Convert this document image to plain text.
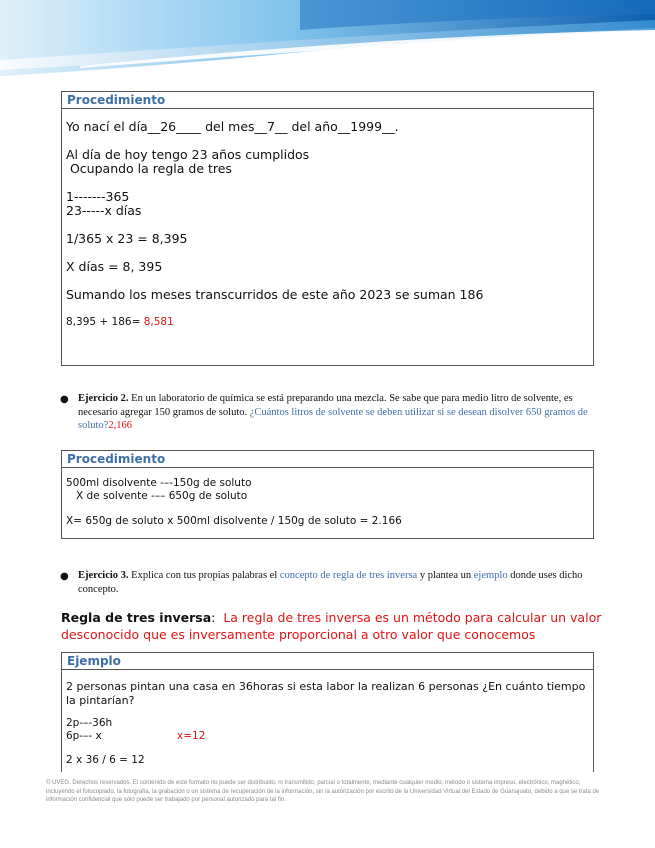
Procedimiento
Yo nací el día__26____ del mes__7__ del año__1999__.
Al día de hoy tengo 23 años cumplidos
Ocupando la regla de tres
1-------365
23-----x días
1/365 x 23 = 8,395
X días = 8, 395
Sumando los meses transcurridos de este año 2023 se suman 186
8,395 + 186= 8,581
● Ejercicio 2. En un laboratorio de química se está preparando una mezcla. Se sabe que para medio litro de solvente, es necesario agregar 150 gramos de soluto. ¿Cuántos litros de solvente se deben utilizar si se desean disolver 650 gramos de soluto?2,166
Procedimiento
500ml disolvente -–-150g de soluto
X de solvente -–– 650g de soluto
X= 650g de soluto x 500ml disolvente / 150g de soluto = 2.166
● Ejercicio 3. Explica con tus propias palabras el concepto de regla de tres inversa y plantea un ejemplo donde uses dicho concepto.
Regla de tres inversa:  La regla de tres inversa es un método para calcular un valor desconocido que es inversamente proporcional a otro valor que conocemos
Ejemplo
2 personas pintan una casa en 36horas si esta labor la realizan 6 personas ¿En cuánto tiempo la pintarían?
2p-–-36h
6p-–- x	x=12
2 x 36 / 6 = 12
© UVEG. Derechos reservados. El contenido de este formato no puede ser distribuido, ni transmitido, parcial o totalmente, mediante cualquier medio, método o sistema impreso, electrónico, magnético, incluyendo el fotocopiado, la fotografía, la grabación o un sistema de recuperación de la información, sin la autorización por escrito de la Universidad Virtual del Estado de Guanajuato, debido a que se trata de información confidencial que sólo puede ser trabajado por personal autorizado para tal fin.
